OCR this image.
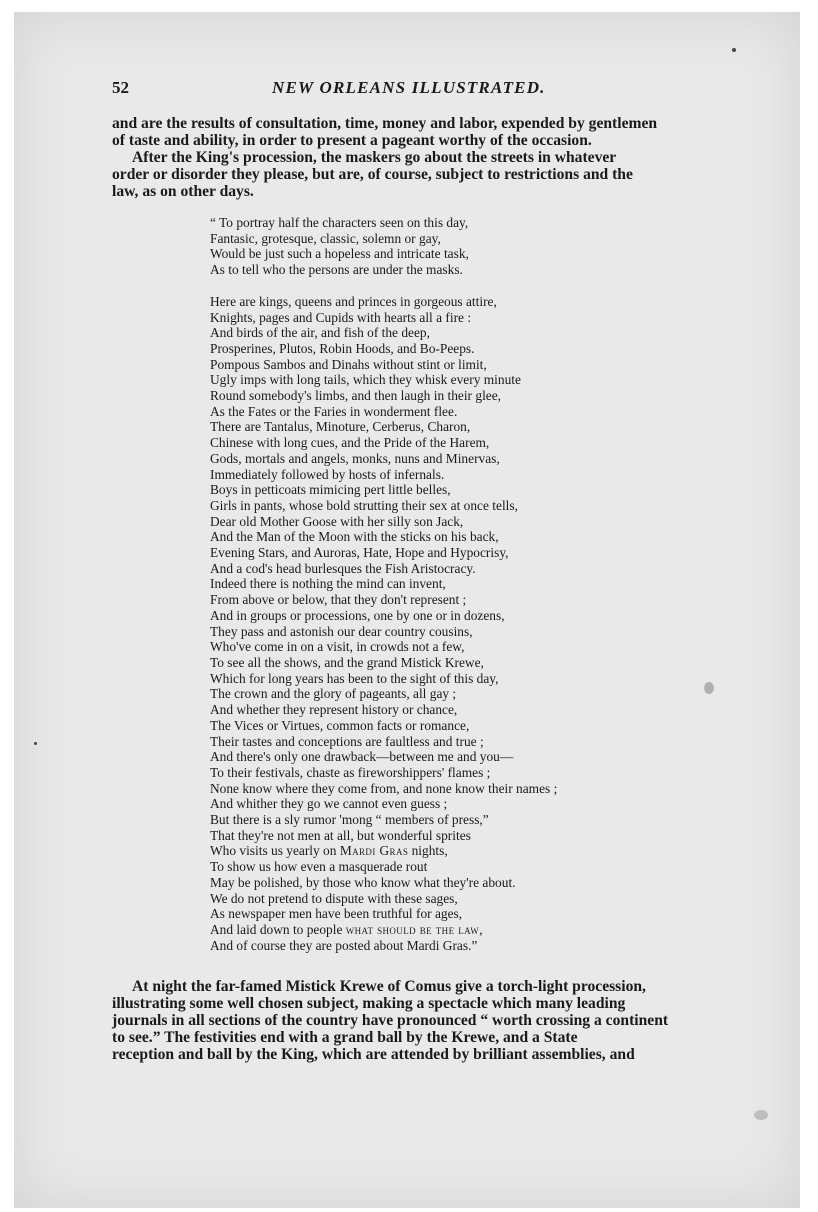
52	NEW ORLEANS ILLUSTRATED.
and are the results of consultation, time, money and labor, expended by gentlemen
of taste and ability, in order to present a pageant worthy of the occasion.
After the King's procession, the maskers go about the streets in whatever
order or disorder they please, but are, of course, subject to restrictions and the
law, as on other days.
“ To portray half the characters seen on this day,
Fantasic, grotesque, classic, solemn or gay,
Would be just such a hopeless and intricate task,
As to tell who the persons are under the masks.
Here are kings, queens and princes in gorgeous attire,
Knights, pages and Cupids with hearts all a fire :
And birds of the air, and fish of the deep,
Prosperines, Plutos, Robin Hoods, and Bo-Peeps.
Pompous Sambos and Dinahs without stint or limit,
Ugly imps with long tails, which they whisk every minute
Round somebody's limbs, and then laugh in their glee,
As the Fates or the Faries in wonderment flee.
There are Tantalus, Minoture, Cerberus, Charon,
Chinese with long cues, and the Pride of the Harem,
Gods, mortals and angels, monks, nuns and Minervas,
Immediately followed by hosts of infernals.
Boys in petticoats mimicing pert little belles,
Girls in pants, whose bold strutting their sex at once tells,
Dear old Mother Goose with her silly son Jack,
And the Man of the Moon with the sticks on his back,
Evening Stars, and Auroras, Hate, Hope and Hypocrisy,
And a cod's head burlesques the Fish Aristocracy.
Indeed there is nothing the mind can invent,
From above or below, that they don't represent ;
And in groups or processions, one by one or in dozens,
They pass and astonish our dear country cousins,
Who've come in on a visit, in crowds not a few,
To see all the shows, and the grand Mistick Krewe,
Which for long years has been to the sight of this day,
The crown and the glory of pageants, all gay ;
And whether they represent history or chance,
The Vices or Virtues, common facts or romance,
Their tastes and conceptions are faultless and true ;
And there's only one drawback—between me and you—
To their festivals, chaste as fireworshippers' flames ;
None know where they come from, and none know their names ;
And whither they go we cannot even guess ;
But there is a sly rumor 'mong “ members of press,”
That they're not men at all, but wonderful sprites
Who visits us yearly on Mardi Gras nights,
To show us how even a masquerade rout
May be polished, by those who know what they're about.
We do not pretend to dispute with these sages,
As newspaper men have been truthful for ages,
And laid down to people what should be the law,
And of course they are posted about Mardi Gras.”
At night the far-famed Mistick Krewe of Comus give a torch-light procession,
illustrating some well chosen subject, making a spectacle which many leading
journals in all sections of the country have pronounced “ worth crossing a continent
to see.” The festivities end with a grand ball by the Krewe, and a State
reception and ball by the King, which are attended by brilliant assemblies, and
